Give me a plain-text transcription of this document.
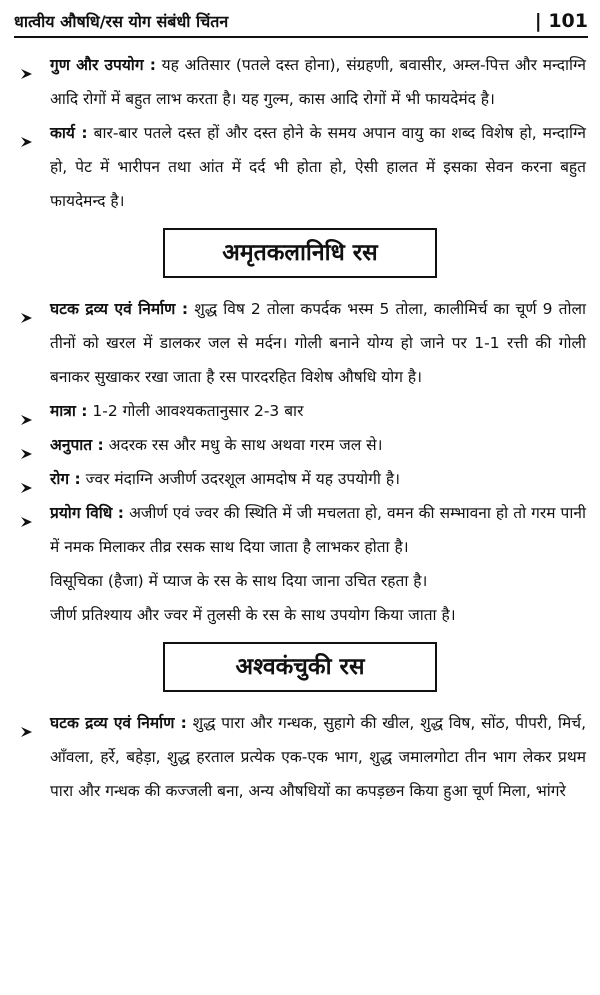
धात्वीय औषधि/रस योग संबंधी चिंतन	| 101
गुण और उपयोग : यह अतिसार (पतले दस्त होना), संग्रहणी, बवासीर, अम्ल-पित्त और मन्दाग्नि आदि रोगों में बहुत लाभ करता है। यह गुल्म, कास आदि रोगों में भी फायदेमंद है।
कार्य : बार-बार पतले दस्त हों और दस्त होने के समय अपान वायु का शब्द विशेष हो, मन्दाग्नि हो, पेट में भारीपन तथा आंत में दर्द भी होता हो, ऐसी हालत में इसका सेवन करना बहुत फायदेमन्द है।
अमृतकलानिधि रस
घटक द्रव्य एवं निर्माण : शुद्ध विष 2 तोला कपर्दक भस्म 5 तोला, कालीमिर्च का चूर्ण 9 तोला तीनों को खरल में डालकर जल से मर्दन। गोली बनाने योग्य हो जाने पर 1-1 रत्ती की गोली बनाकर सुखाकर रखा जाता है रस पारदरहित विशेष औषधि योग है।
मात्रा : 1-2 गोली आवश्यकतानुसार 2-3 बार
अनुपात : अदरक रस और मधु के साथ अथवा गरम जल से।
रोग : ज्वर मंदाग्नि अजीर्ण उदरशूल आमदोष में यह उपयोगी है।
प्रयोग विधि : अजीर्ण एवं ज्वर की स्थिति में जी मचलता हो, वमन की सम्भावना हो तो गरम पानी में नमक मिलाकर तीव्र रसक साथ दिया जाता है लाभकर होता है।
विसूचिका (हैजा) में प्याज के रस के साथ दिया जाना उचित रहता है।
जीर्ण प्रतिश्याय और ज्वर में तुलसी के रस के साथ उपयोग किया जाता है।
अश्वकंचुकी रस
घटक द्रव्य एवं निर्माण : शुद्ध पारा और गन्धक, सुहागे की खील, शुद्ध विष, सोंठ, पीपरी, मिर्च, आँवला, हर्रे, बहेड़ा, शुद्ध हरताल प्रत्येक एक-एक भाग, शुद्ध जमालगोटा तीन भाग लेकर प्रथम पारा और गन्धक की कज्जली बना, अन्य औषधियों का कपड़छन किया हुआ चूर्ण मिला, भांगरे
